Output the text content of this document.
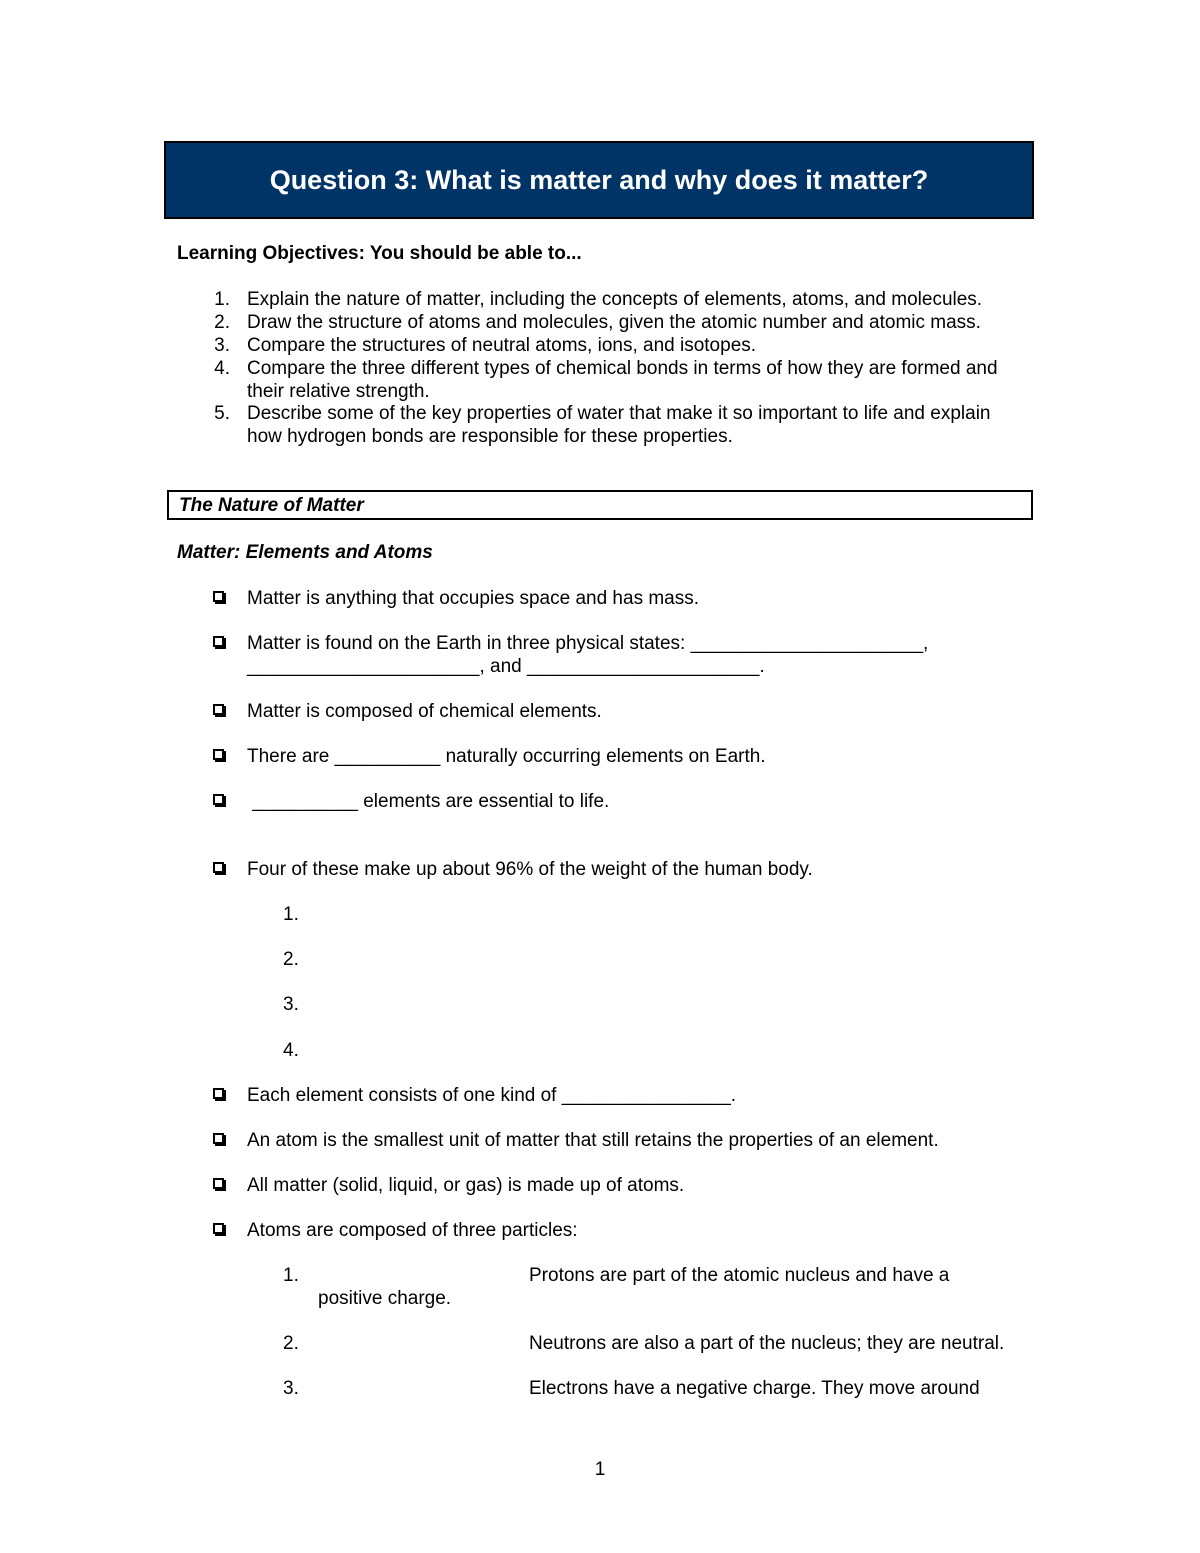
Question 3: What is matter and why does it matter?
Learning Objectives: You should be able to...
1. Explain the nature of matter, including the concepts of elements, atoms, and molecules.
2. Draw the structure of atoms and molecules, given the atomic number and atomic mass.
3. Compare the structures of neutral atoms, ions, and isotopes.
4. Compare the three different types of chemical bonds in terms of how they are formed and
their relative strength.
5. Describe some of the key properties of water that make it so important to life and explain
how hydrogen bonds are responsible for these properties.
The Nature of Matter
Matter: Elements and Atoms
Matter is anything that occupies space and has mass.
Matter is found on the Earth in three physical states: ______________________,
______________________, and ______________________.
Matter is composed of chemical elements.
There are __________ naturally occurring elements on Earth.
__________ elements are essential to life.
Four of these make up about 96% of the weight of the human body.
1.
2.
3.
4.
Each element consists of one kind of ________________.
An atom is the smallest unit of matter that still retains the properties of an element.
All matter (solid, liquid, or gas) is made up of atoms.
Atoms are composed of three particles:
1.	Protons are part of the atomic nucleus and have a
positive charge.
2.	Neutrons are also a part of the nucleus; they are neutral.
3.	Electrons have a negative charge. They move around
1
